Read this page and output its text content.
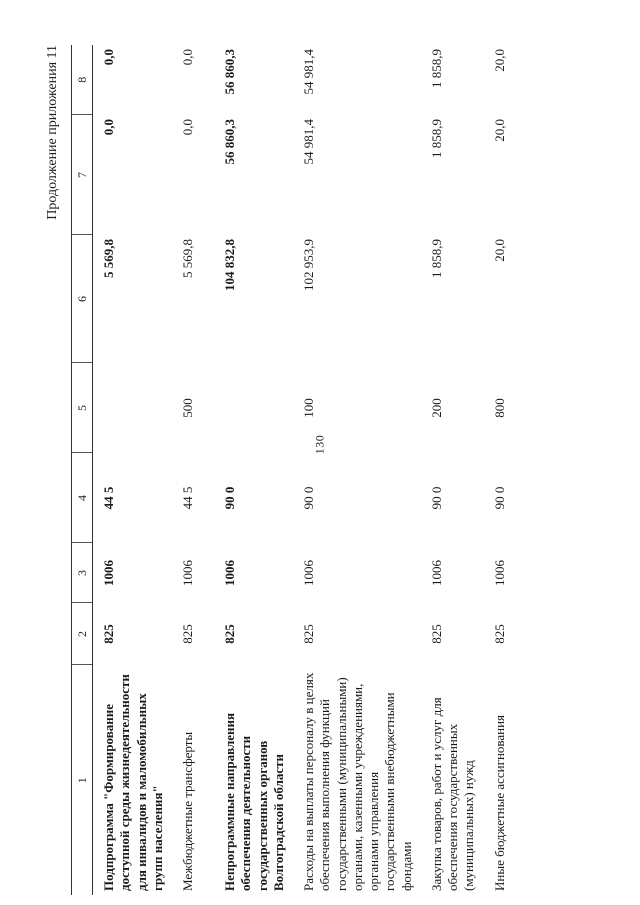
130
Продолжение приложения 11
1	2	3	4	5	6	7	8
Подпрограмма "Формирование доступной среды жизнедеятельности для инвалидов и маломобильных групп населения"	825	1006	44 5		5 569,8	0,0	0,0
Межбюджетные трансферты	825	1006	44 5	500	5 569,8	0,0	0,0
Непрограммные направления обеспечения деятельности государственных органов Волгоградской области	825	1006	90 0		104 832,8	56 860,3	56 860,3
Расходы на выплаты персоналу в целях обеспечения выполнения функций государственными (муниципальными) органами, казенными учреждениями, органами управления государственными внебюджетными фондами	825	1006	90 0	100	102 953,9	54 981,4	54 981,4
Закупка товаров, работ и услуг для обеспечения государственных (муниципальных) нужд	825	1006	90 0	200	1 858,9	1 858,9	1 858,9
Иные бюджетные ассигнования	825	1006	90 0	800	20,0	20,0	20,0
